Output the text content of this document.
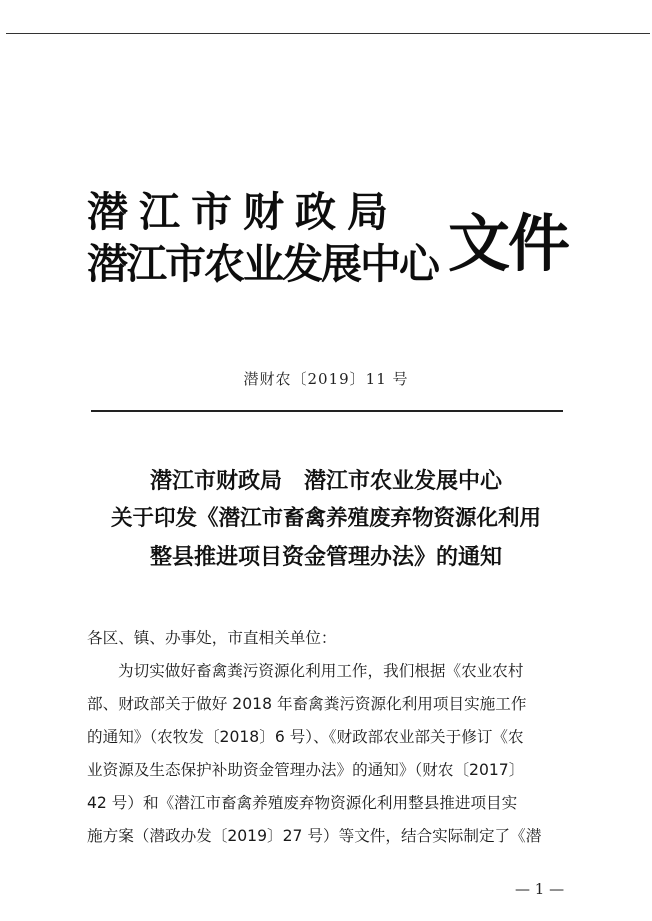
潜江市财政局
潜江市农业发展中心 文件
潜财农〔2019〕11 号
潜江市财政局　潜江市农业发展中心
关于印发《潜江市畜禽养殖废弃物资源化利用
整县推进项目资金管理办法》的通知

各区、镇、办事处，市直相关单位：

为切实做好畜禽粪污资源化利用工作，我们根据《农业农村

部、财政部关于做好 2018 年畜禽粪污资源化利用项目实施工作

的通知》（农牧发〔2018〕6 号）、《财政部农业部关于修订《农

业资源及生态保护补助资金管理办法》的通知》（财农〔2017〕

42 号）和《潜江市畜禽养殖废弃物资源化利用整县推进项目实

施方案（潜政办发〔2019〕27 号）等文件，结合实际制定了《潜

— 1 —
